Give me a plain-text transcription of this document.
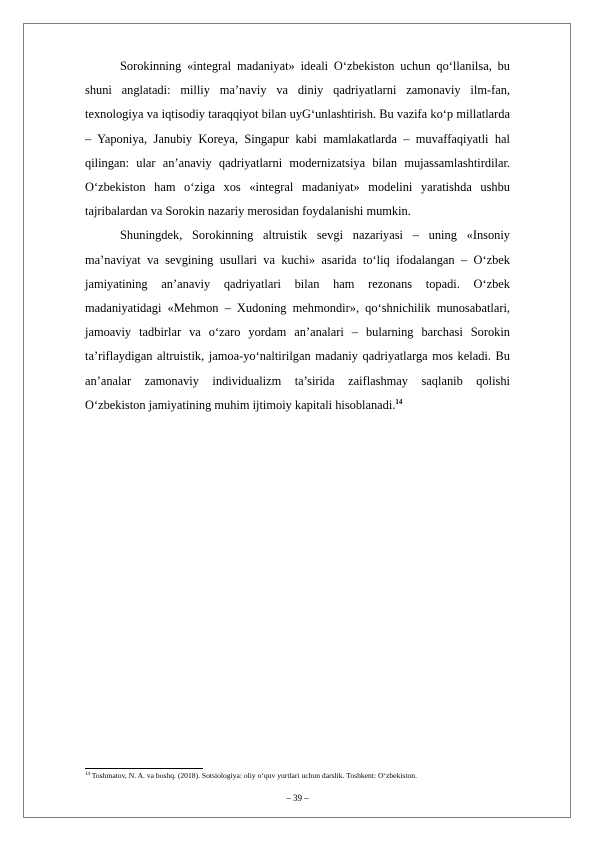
Sorokinning «integral madaniyat» ideali O‘zbekiston uchun qo‘llanilsa, bu shuni anglatadi: milliy ma’naviy va diniy qadriyatlarni zamonaviy ilm-fan, texnologiya va iqtisodiy taraqqiyot bilan uyG‘unlashtirish. Bu vazifa ko‘p millatlarda – Yaponiya, Janubiy Koreya, Singapur kabi mamlakatlarda – muvaffaqiyatli hal qilingan: ular an’anaviy qadriyatlarni modernizatsiya bilan mujassamlashtirdilar. O‘zbekiston ham o‘ziga xos «integral madaniyat» modelini yaratishda ushbu tajribalardan va Sorokin nazariy merosidan foydalanishi mumkin.

Shuningdek, Sorokinning altruistik sevgi nazariyasi – uning «Insoniy ma’naviyat va sevgining usullari va kuchi» asarida to‘liq ifodalangan – O‘zbek jamiyatining an’anaviy qadriyatlari bilan ham rezonans topadi. O‘zbek madaniyatidagi «Mehmon – Xudoning mehmondir», qo‘shnichilik munosabatlari, jamoaviy tadbirlar va o‘zaro yordam an’analari – bularning barchasi Sorokin ta’riflaydigan altruistik, jamoa-yo‘naltirilgan madaniy qadriyatlarga mos keladi. Bu an’analar zamonaviy individualizm ta’sirida zaiflashmay saqlanib qolishi O‘zbekiston jamiyatining muhim ijtimoiy kapitali hisoblanadi.$^{14}$

$^{14}$ Toshmatov, N. A. va boshq. (2018). Sotsiologiya: oliy o‘quv yurtlari uchun darslik. Toshkent: O‘zbekiston.
– 39 –
